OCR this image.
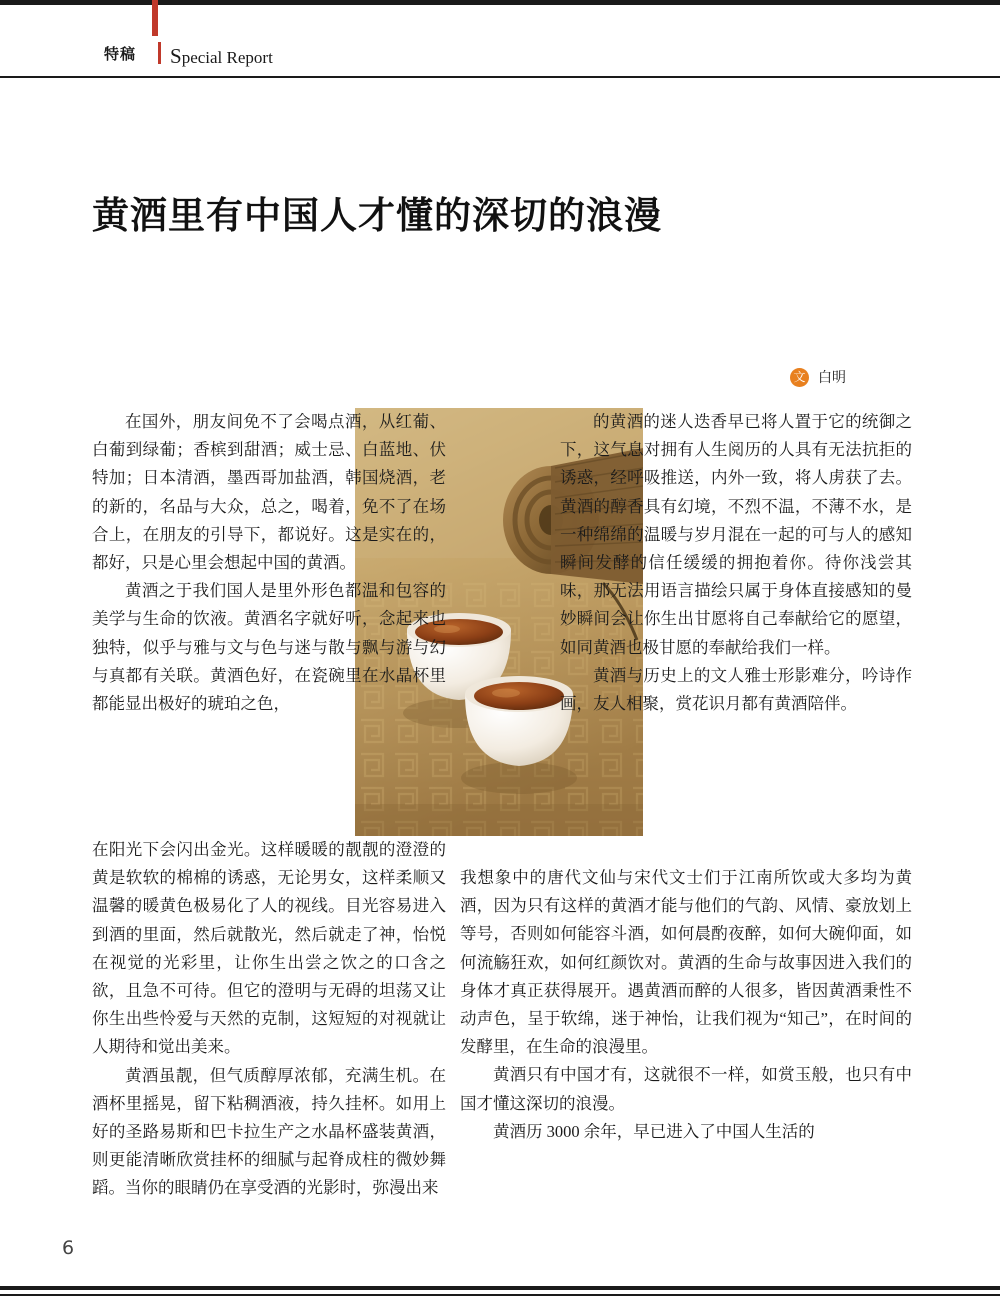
特稿 Special Report
黄酒里有中国人才懂的深切的浪漫
文 白明

在国外，朋友间免不了会喝点酒，从红葡、白葡到绿葡；香槟到甜酒；威士忌、白蓝地、伏特加；日本清酒，墨西哥加盐酒，韩国烧酒，老的新的，名品与大众，总之，喝着，免不了在场合上，在朋友的引导下，都说好。这是实在的，都好，只是心里会想起中国的黄酒。

黄酒之于我们国人是里外形色都温和包容的美学与生命的饮液。黄酒名字就好听，念起来也独特，似乎与雅与文与色与迷与散与飘与游与幻与真都有关联。黄酒色好，在瓷碗里在水晶杯里都能显出极好的琥珀之色，

的黄酒的迷人迭香早已将人置于它的统御之下，这气息对拥有人生阅历的人具有无法抗拒的诱惑，经呼吸推送，内外一致，将人虏获了去。黄酒的醇香具有幻境，不烈不温，不薄不水，是一种绵绵的温暖与岁月混在一起的可与人的感知瞬间发酵的信任缓缓的拥抱着你。待你浅尝其味，那无法用语言描绘只属于身体直接感知的曼妙瞬间会让你生出甘愿将自己奉献给它的愿望，如同黄酒也极甘愿的奉献给我们一样。

黄酒与历史上的文人雅士形影难分，吟诗作画，友人相聚，赏花识月都有黄酒陪伴。

在阳光下会闪出金光。这样暖暖的靓靓的澄澄的黄是软软的棉棉的诱惑，无论男女，这样柔顺又温馨的暖黄色极易化了人的视线。目光容易进入到酒的里面，然后就散光，然后就走了神，怡悦在视觉的光彩里，让你生出尝之饮之的口含之欲，且急不可待。但它的澄明与无碍的坦荡又让你生出些怜爱与天然的克制，这短短的对视就让人期待和觉出美来。

黄酒虽靓，但气质醇厚浓郁，充满生机。在酒杯里摇晃，留下粘稠酒液，持久挂杯。如用上好的圣路易斯和巴卡拉生产之水晶杯盛装黄酒，则更能清晰欣赏挂杯的细腻与起脊成柱的微妙舞蹈。当你的眼睛仍在享受酒的光影时，弥漫出来

我想象中的唐代文仙与宋代文士们于江南所饮或大多均为黄酒，因为只有这样的黄酒才能与他们的气韵、风情、豪放划上等号，否则如何能容斗酒，如何晨酌夜醉，如何大碗仰面，如何流觞狂欢，如何红颜饮对。黄酒的生命与故事因进入我们的身体才真正获得展开。遇黄酒而醉的人很多，皆因黄酒秉性不动声色，呈于软绵，迷于神怡，让我们视为“知己”，在时间的发酵里，在生命的浪漫里。

黄酒只有中国才有，这就很不一样，如赏玉般，也只有中国才懂这深切的浪漫。

黄酒历 3000 余年，早已进入了中国人生活的

6
